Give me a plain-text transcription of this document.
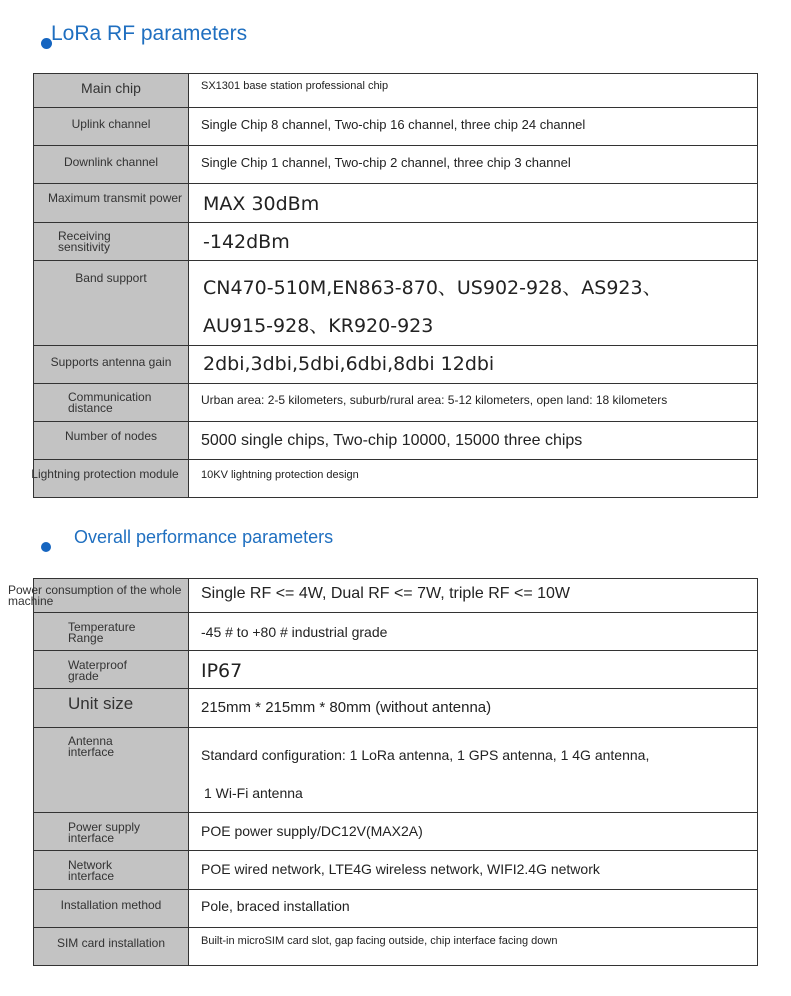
LoRa RF parameters
Main chip	SX1301 base station professional chip

Uplink channel	Single Chip 8 channel, Two-chip 16 channel, three chip 24 channel

Downlink channel	Single Chip 1 channel, Two-chip 2 channel, three chip 3 channel

Maximum transmit power	MAX 30dBm

Receiving sensitivity	-142dBm

Band support	CN470-510M,EN863-870、US902-928、AS923、
AU915-928、KR920-923

Supports antenna gain	2dbi,3dbi,5dbi,6dbi,8dbi 12dbi

Communication distance	Urban area: 2-5 kilometers, suburb/rural area: 5-12 kilometers, open land: 18 kilometers

Number of nodes	5000 single chips, Two-chip 10000, 15000 three chips

Lightning protection module	10KV lightning protection design
Overall performance parameters
Power consumption of the whole machine	Single RF <= 4W, Dual RF <= 7W, triple RF <= 10W

Temperature Range	-45 # to +80 # industrial grade

Waterproof grade	IP67

Unit size	215mm * 215mm * 80mm (without antenna)

Antenna interface	Standard configuration: 1 LoRa antenna, 1 GPS antenna, 1 4G antenna,
1 Wi-Fi antenna

Power supply interface	POE power supply/DC12V(MAX2A)

Network interface	POE wired network, LTE4G wireless network, WIFI2.4G network

Installation method	Pole, braced installation

SIM card installation	Built-in microSIM card slot, gap facing outside, chip interface facing down
